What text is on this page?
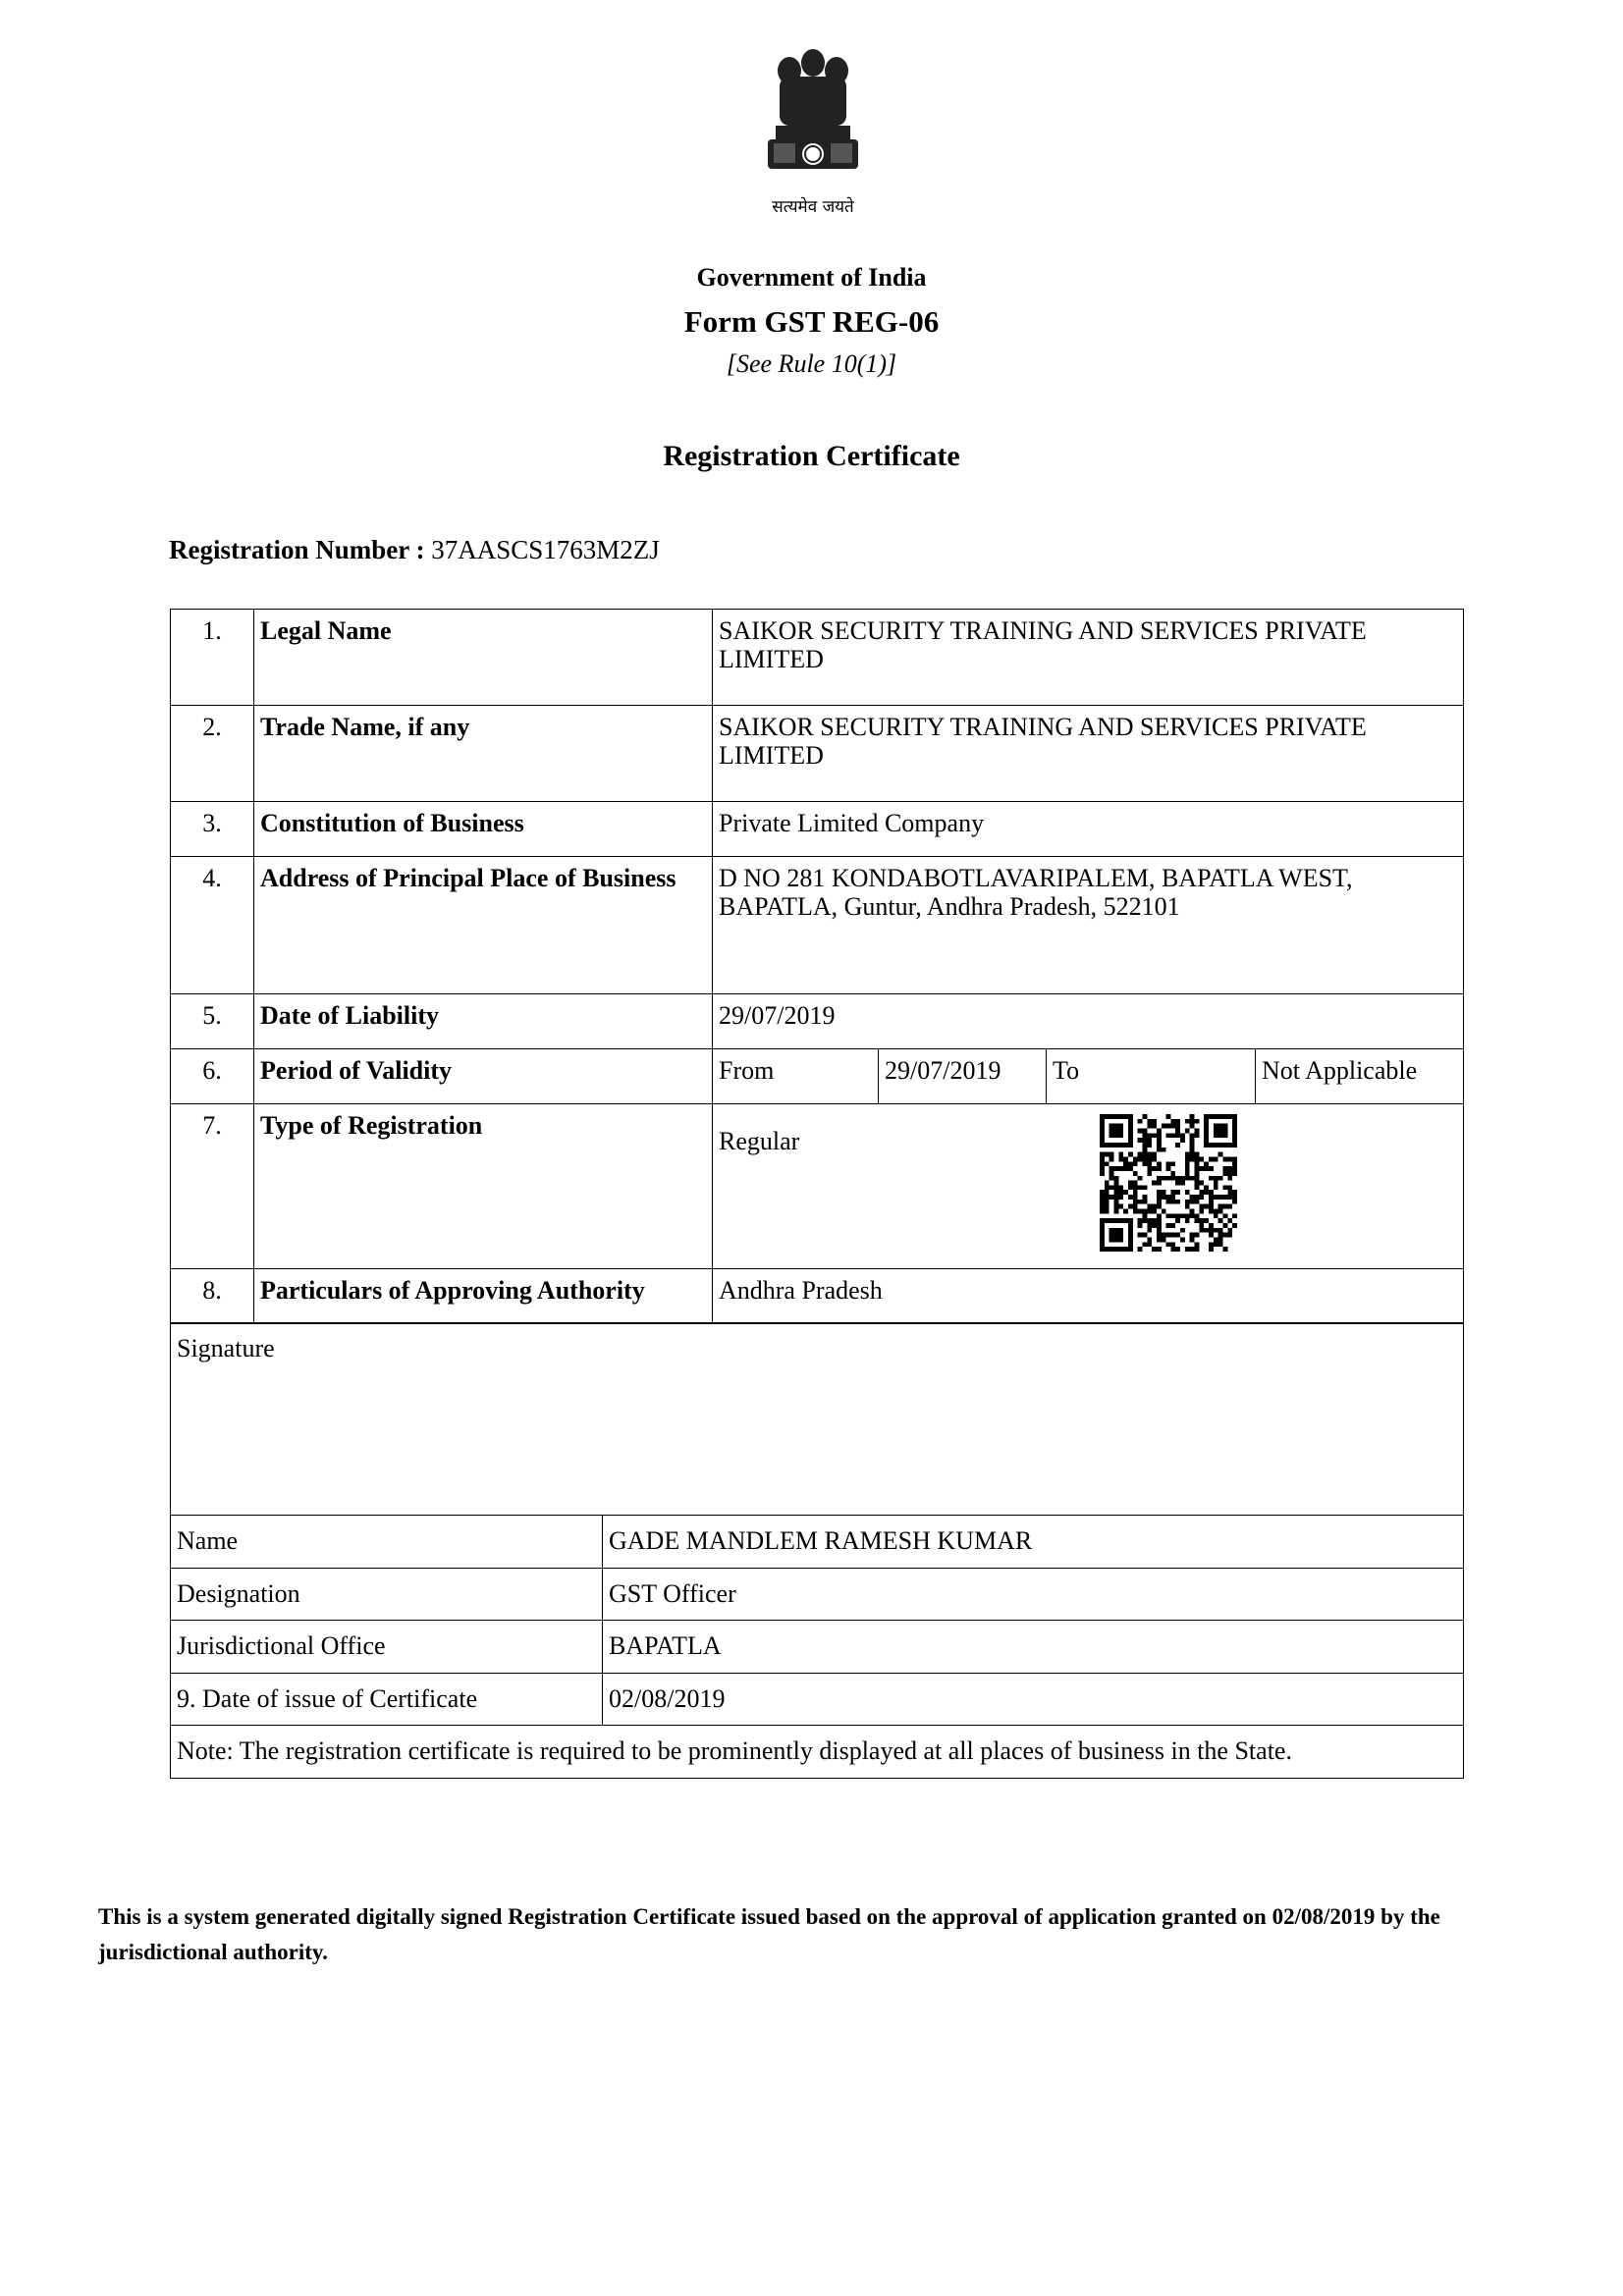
सत्यमेव जयते
Government of India
Form GST REG-06
[See Rule 10(1)]
Registration Certificate
Registration Number : 37AASCS1763M2ZJ
1.	Legal Name	SAIKOR SECURITY TRAINING AND SERVICES PRIVATE LIMITED			
2.	Trade Name, if any	SAIKOR SECURITY TRAINING AND SERVICES PRIVATE LIMITED			
3.	Constitution of Business	Private Limited Company			
4.	Address of Principal Place of Business	D NO 281 KONDABOTLAVARIPALEM, BAPATLA WEST, BAPATLA, Guntur, Andhra Pradesh, 522101			
5.	Date of Liability	29/07/2019			
6.	Period of Validity	From	29/07/2019	To	Not Applicable
7.	Type of Registration	Regular			

8.	Particulars of Approving Authority	Andhra Pradesh			
Signature	
Name	GADE MANDLEM RAMESH KUMAR
Designation	GST Officer
Jurisdictional Office	BAPATLA
9. Date of issue of Certificate	02/08/2019
Note: The registration certificate is required to be prominently displayed at all places of business in the State.	
This is a system generated digitally signed Registration Certificate issued based on the approval of application granted on 02/08/2019 by the jurisdictional authority.
